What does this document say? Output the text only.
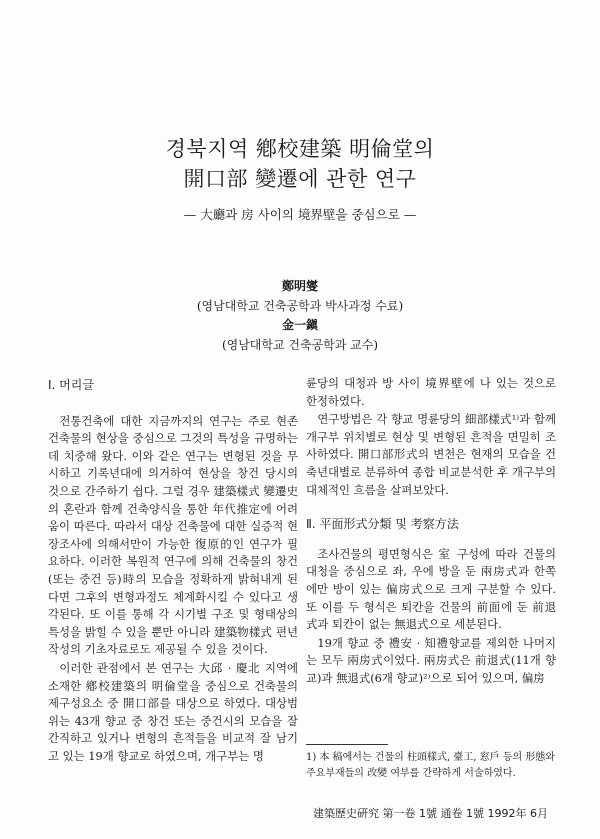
경북지역 鄕校建築 明倫堂의
開口部 變遷에 관한 연구
— 大廳과 房 사이의 境界壁을 중심으로 —
鄭明燮
(영남대학교 건축공학과 박사과정 수료)
金一鎭
(영남대학교 건축공학과 교수)
Ⅰ. 머리글

전통건축에 대한 지금까지의 연구는 주로 현존 건축물의 현상을 중심으로 그것의 특성을 규명하는 데 치중해 왔다. 이와 같은 연구는 변형된 것을 무시하고 기록년대에 의거하여 현상을 창건 당시의 것으로 간주하기 쉽다. 그럴 경우 建築樣式 變遷史의 혼란과 함께 건축양식을 통한 年代推定에 어려움이 따른다. 따라서 대상 건축물에 대한 실증적 현장조사에 의해서만이 가능한 復原的인 연구가 필요하다. 이러한 복원적 연구에 의해 건축물의 창건(또는 중건 등)時의 모습을 정확하게 밝혀내게 된다면 그후의 변형과정도 체계화시킬 수 있다고 생각된다. 또 이를 통해 각 시기별 구조 및 형태상의 특성을 밝힐 수 있을 뿐만 아니라 建築物樣式 편년작성의 기초자료로도 제공될 수 있을 것이다.

이러한 관점에서 본 연구는 大邱 · 慶北 지역에 소재한 鄕校建築의 明倫堂을 중심으로 건축물의 제구성요소 중 開口部를 대상으로 하였다. 대상범위는 43개 향교 중 창건 또는 중건시의 모습을 잘 간직하고 있거나 변형의 흔적들을 비교적 잘 남기고 있는 19개 향교로 하였으며, 개구부는 명

륜당의 대청과 방 사이 境界壁에 나 있는 것으로 한정하였다.

연구방법은 각 향교 명륜당의 細部樣式¹⁾과 함께 개구부 위치별로 현상 및 변형된 흔적을 면밀히 조사하였다. 開口部形式의 변천은 현재의 모습을 건축년대별로 분류하여 종합 비교분석한 후 개구부의 대체적인 흐름을 살펴보았다.

Ⅱ. 平面形式分類 및 考察方法

조사건물의 평면형식은 室 구성에 따라 건물의 대청을 중심으로 좌, 우에 방을 둔 兩房式과 한쪽에만 방이 있는 偏房式으로 크게 구분할 수 있다. 또 이를 두 형식은 퇴칸을 건물의 前面에 둔 前退式과 퇴칸이 없는 無退式으로 세분된다.

19개 향교 중 禮安 · 知禮향교를 제외한 나머지는 모두 兩房式이었다. 兩房式은 前退式(11개 향교)과 無退式(6개 향교)²⁾으로 되어 있으며, 偏房

1) 本 稿에서는 건물의 柱頭樣式, 臺工, 窓戶 등의 形態와 주요부재들의 改變 여부를 간략하게 서술하였다.
建築歷史硏究 第一卷 1號 通卷 1號 1992年 6月
